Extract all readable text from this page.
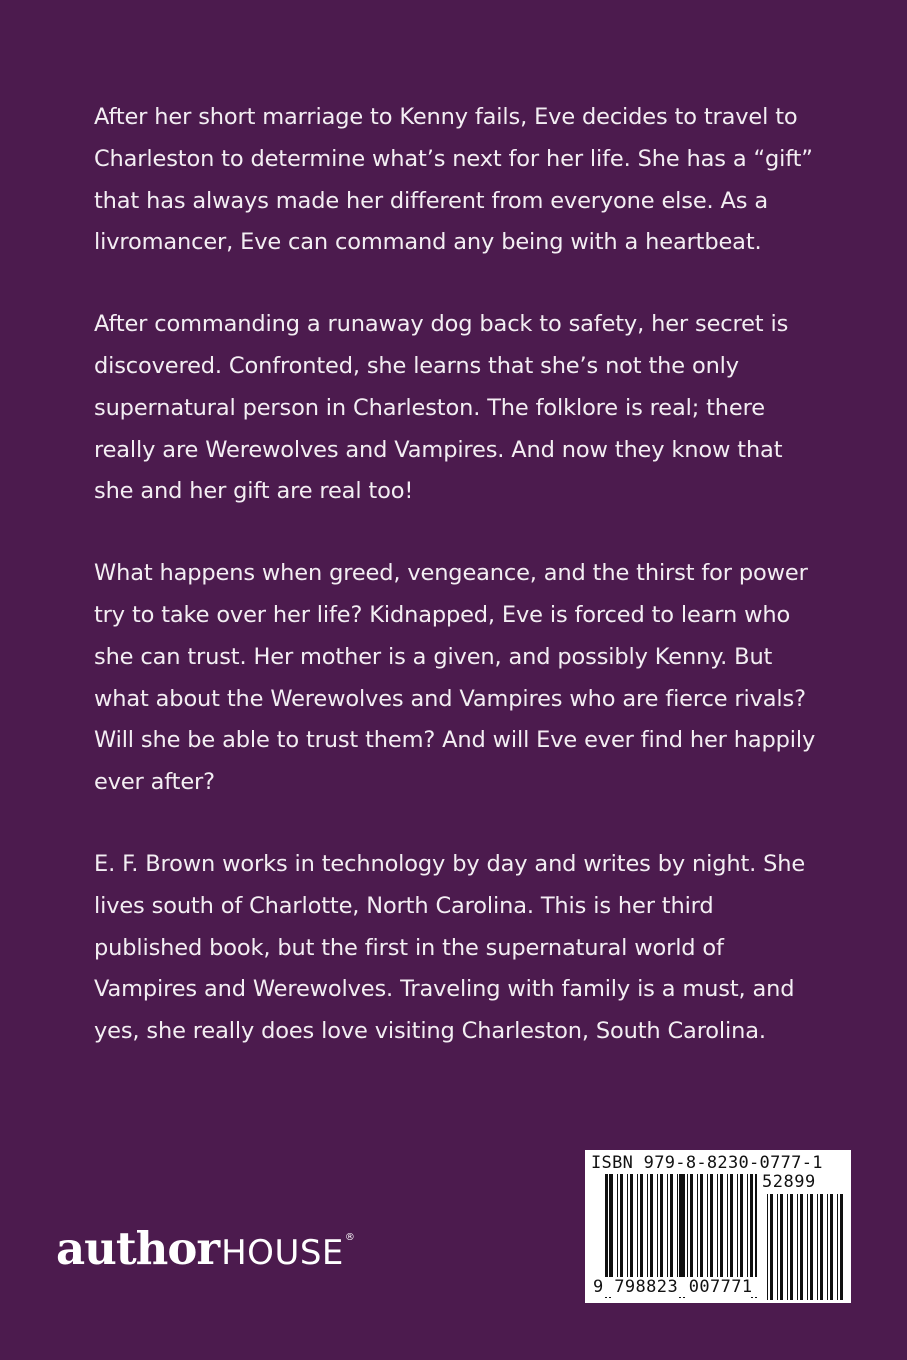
After her short marriage to Kenny fails, Eve decides to travel to Charleston to determine what’s next for her life. She has a “gift” that has always made her different from everyone else. As a livromancer, Eve can command any being with a heartbeat.

After commanding a runaway dog back to safety, her secret is discovered. Confronted, she learns that she’s not the only supernatural person in Charleston. The folklore is real; there really are Werewolves and Vampires. And now they know that she and her gift are real too!

What happens when greed, vengeance, and the thirst for power try to take over her life? Kidnapped, Eve is forced to learn who she can trust. Her mother is a given, and possibly Kenny. But what about the Werewolves and Vampires who are fierce rivals? Will she be able to trust them? And will Eve ever find her happily ever after?

E. F. Brown works in technology by day and writes by night. She lives south of Charlotte, North Carolina. This is her third published book, but the first in the supernatural world of Vampires and Werewolves. Traveling with family is a must, and yes, she really does love visiting Charleston, South Carolina.

author HOUSE ®
ISBN 979-8-8230-0777-1
52899
9 798823 007771
